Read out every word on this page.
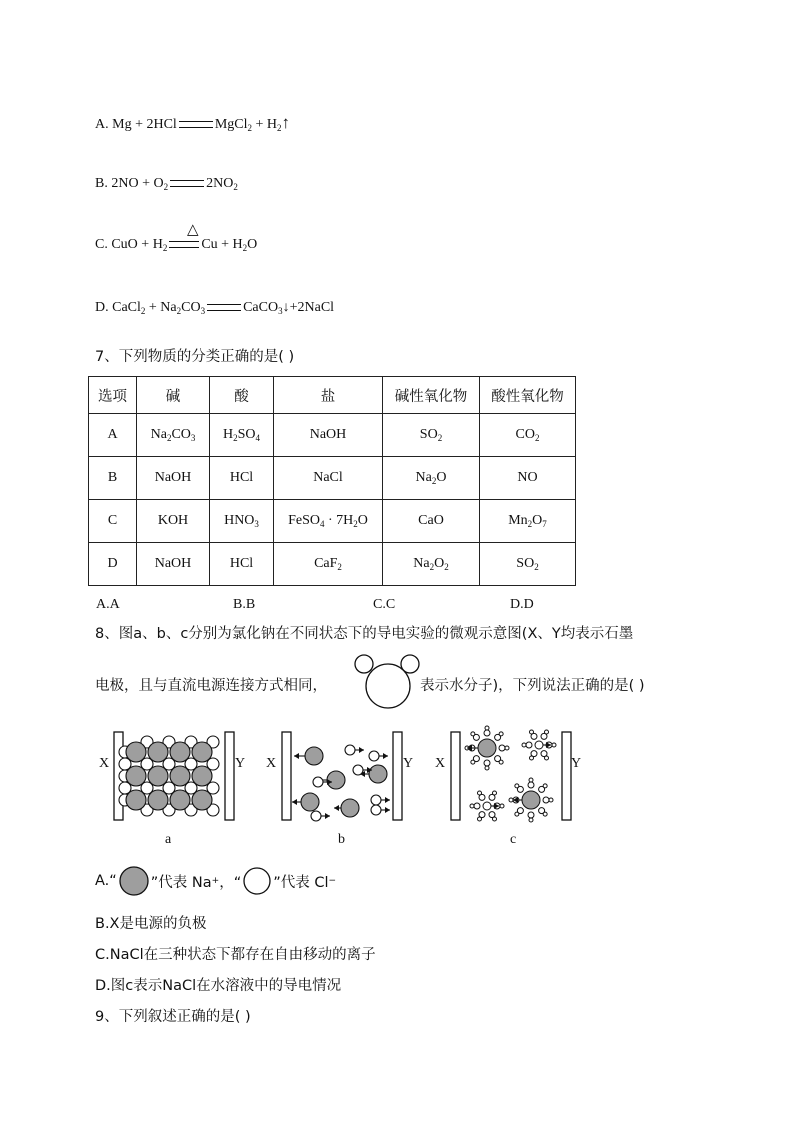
A. Mg + 2HCl	MgCl$_2$ + $H_2↑$
B. $2NO + O_2$	$2NO_2$
△
C. CuO + $H_2$ $Cu + H_2O$
D. CaCl$_2$ + $Na_2CO_3$	CaCO$_3$↓+2NaCl
7、下列物质的分类正确的是( )
选项	碱	酸	盐	碱性氧化物	酸性氧化物
A	$Na_2CO_3$	$H_2SO_4$	NaOH	$SO_2$	$CO_2$
B	NaOH	HCl	NaCl	$Na_2O$	NO
C	KOH	$HNO_3$	FeSO$_4$ · $7H_2O$	CaO	$Mn_2O_7$
D	NaOH	HCl	CaF$_2$	$Na_2O_2$	$SO_2$
A.A	B.B	C.C	D.D
8、图a、b、c分别为氯化钠在不同状态下的导电实验的微观示意图(X、Y均表示石墨
电极，且与直流电源连接方式相同，	表示水分子)，下列说法正确的是( )
X	Y X	Y X	Y
a	b	c
A.“ ”代表 Na + ，“ ”代表 Cl −
B.X是电源的负极
C.NaCl在三种状态下都存在自由移动的离子
D.图c表示NaCl在水溶液中的导电情况
9、下列叙述正确的是( )
